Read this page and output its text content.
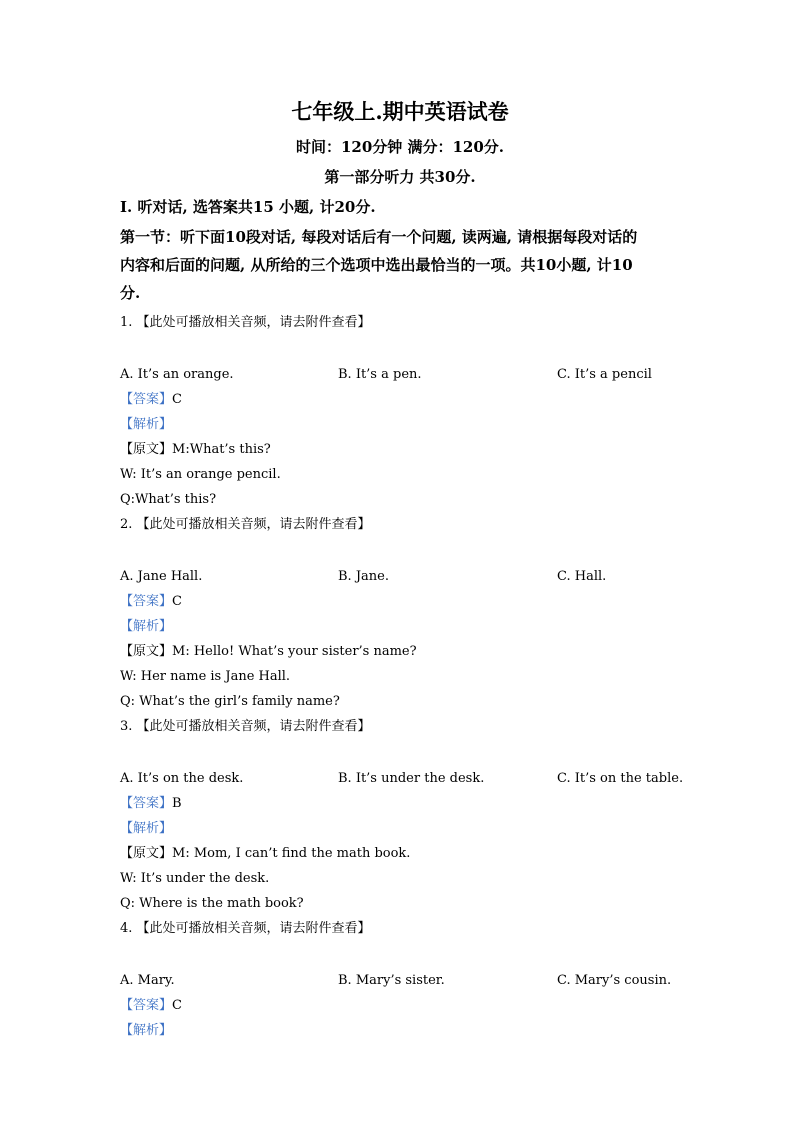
七年级上.期中英语试卷
时间：120分钟 满分：120分.
第一部分听力 共30分.
I. 听对话, 选答案共15 小题, 计20分.
第一节：听下面10段对话, 每段对话后有一个问题, 读两遍, 请根据每段对话的
内容和后面的问题, 从所给的三个选项中选出最恰当的一项。共10小题, 计10
分.
1. 【此处可播放相关音频，请去附件查看】
A. It’s an orange.	B. It’s a pen.	C. It’s a pencil
【答案】C
【解析】
【原文】M:What’s this?
W: It’s an orange pencil.
Q:What’s this?
2. 【此处可播放相关音频，请去附件查看】
A. Jane Hall.	B. Jane.	C. Hall.
【答案】C
【解析】
【原文】M: Hello! What’s your sister’s name?
W: Her name is Jane Hall.
Q: What’s the girl’s family name?
3. 【此处可播放相关音频，请去附件查看】
A. It’s on the desk.	B. It’s under the desk.	C. It’s on the table.
【答案】B
【解析】
【原文】M: Mom, I can’t find the math book.
W: It’s under the desk.
Q: Where is the math book?
4. 【此处可播放相关音频，请去附件查看】
A. Mary.	B. Mary’s sister.	C. Mary’s cousin.
【答案】C
【解析】
